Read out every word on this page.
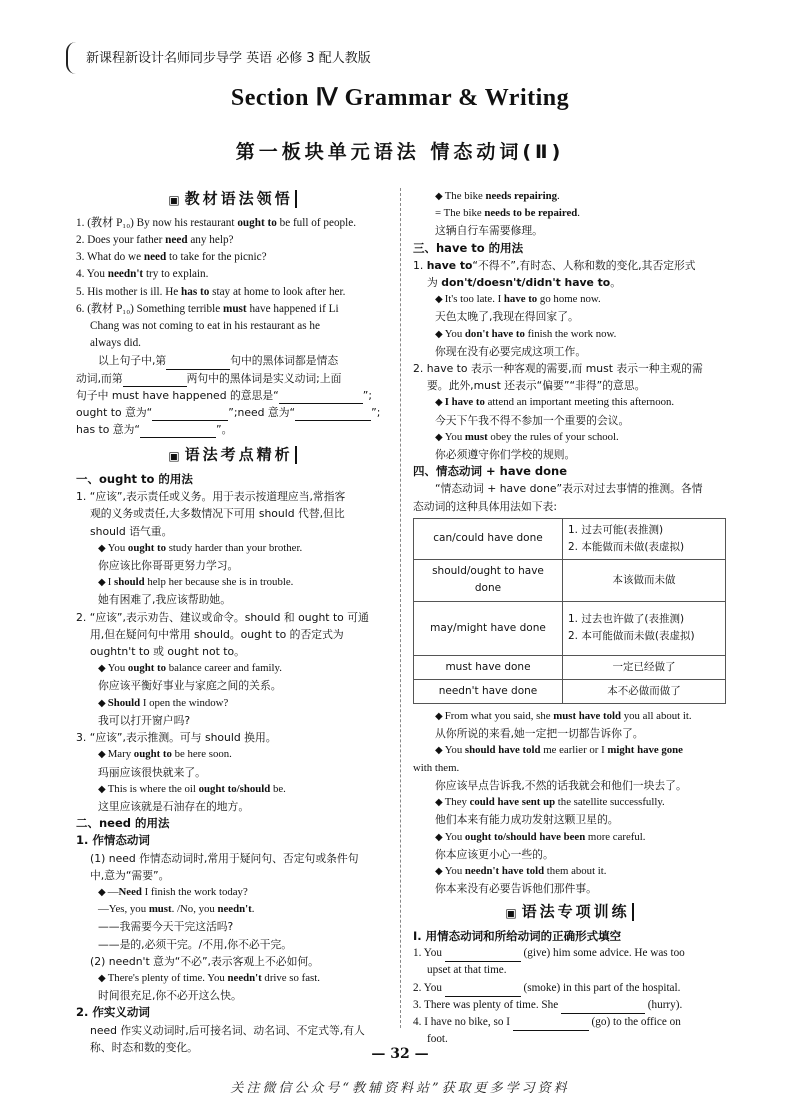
新课程新设计名师同步导学 英语 必修 3 配人教版
Section Ⅳ Grammar & Writing
第一板块单元语法 情态动词(Ⅱ)
▣ 教材语法领悟

1. (教材 P₁₀) By now his restaurant ought to be full of people.

2. Does your father need any help?

3. What do we need to take for the picnic?

4. You needn't try to explain.

5. His mother is ill. He has to stay at home to look after her.

6. (教材 P₁₀) Something terrible must have happened if Li

Chang was not coming to eat in his restaurant as he

always did.

以上句子中,第	句中的黑体词都是情态

动词,而第	两句中的黑体词是实义动词;上面

句子中 must have happened 的意思是“	”;

ought to 意为“	”;need 意为“	”;

has to 意为“	”。

▣ 语法考点精析

一、ought to 的用法

1. “应该”,表示责任或义务。用于表示按道理应当,常指客

观的义务或责任,大多数情况下可用 should 代替,但比

should 语气重。

◆ You ought to study harder than your brother.

你应该比你哥哥更努力学习。

◆ I should help her because she is in trouble.

她有困难了,我应该帮助她。

2. “应该”,表示劝告、建议或命令。should 和 ought to 可通

用,但在疑问句中常用 should。ought to 的否定式为

oughtn't to 或 ought not to。

◆ You ought to balance career and family.

你应该平衡好事业与家庭之间的关系。

◆ Should I open the window?

我可以打开窗户吗?

3. “应该”,表示推测。可与 should 换用。

◆ Mary ought to be here soon.

玛丽应该很快就来了。

◆ This is where the oil ought to/should be.

这里应该就是石油存在的地方。

二、need 的用法

1. 作情态动词

(1) need 作情态动词时,常用于疑问句、否定句或条件句

中,意为“需要”。

◆ —Need I finish the work today?

—Yes, you must. /No, you needn't.

——我需要今天干完这活吗?

——是的,必须干完。/不用,你不必干完。

(2) needn't 意为“不必”,表示客观上不必如何。

◆ There's plenty of time. You needn't drive so fast.

时间很充足,你不必开这么快。

2. 作实义动词

need 作实义动词时,后可接名词、动名词、不定式等,有人

称、时态和数的变化。

◆ The bike needs repairing.

= The bike needs to be repaired.

这辆自行车需要修理。

三、have to 的用法

1. have to“不得不”,有时态、人称和数的变化,其否定形式

为 don't/doesn't/didn't have to。

◆ It's too late. I have to go home now.

天色太晚了,我现在得回家了。

◆ You don't have to finish the work now.

你现在没有必要完成这项工作。

2. have to 表示一种客观的需要,而 must 表示一种主观的需

要。此外,must 还表示“偏要”“非得”的意思。

◆ I have to attend an important meeting this afternoon.

今天下午我不得不参加一个重要的会议。

◆ You must obey the rules of your school.

你必须遵守你们学校的规则。

四、情态动词 + have done

“情态动词 + have done”表示对过去事情的推测。各情

态动词的这种具体用法如下表:

can/could have done	1. 过去可能(表推测)
2. 本能做而未做(表虚拟)

should/ought to have done	本该做而未做
may/might have done	1. 过去也许做了(表推测)
2. 本可能做而未做(表虚拟)

must have done	一定已经做了
needn't have done	本不必做而做了

◆ From what you said, she must have told you all about it.

从你所说的来看,她一定把一切都告诉你了。

◆ You should have told me earlier or I might have gone

with them.

你应该早点告诉我,不然的话我就会和他们一块去了。

◆ They could have sent up the satellite successfully.

他们本来有能力成功发射这颗卫星的。

◆ You ought to/should have been more careful.

你本应该更小心一些的。

◆ You needn't have told them about it.

你本来没有必要告诉他们那件事。

▣ 语法专项训练

Ⅰ. 用情态动词和所给动词的正确形式填空

1. You	(give) him some advice. He was too

upset at that time.

2. You	(smoke) in this part of the hospital.

3. There was plenty of time. She	(hurry).

4. I have no bike, so I	(go) to the office on

foot.

— 32 —
关注微信公众号“教辅资料站”获取更多学习资料
